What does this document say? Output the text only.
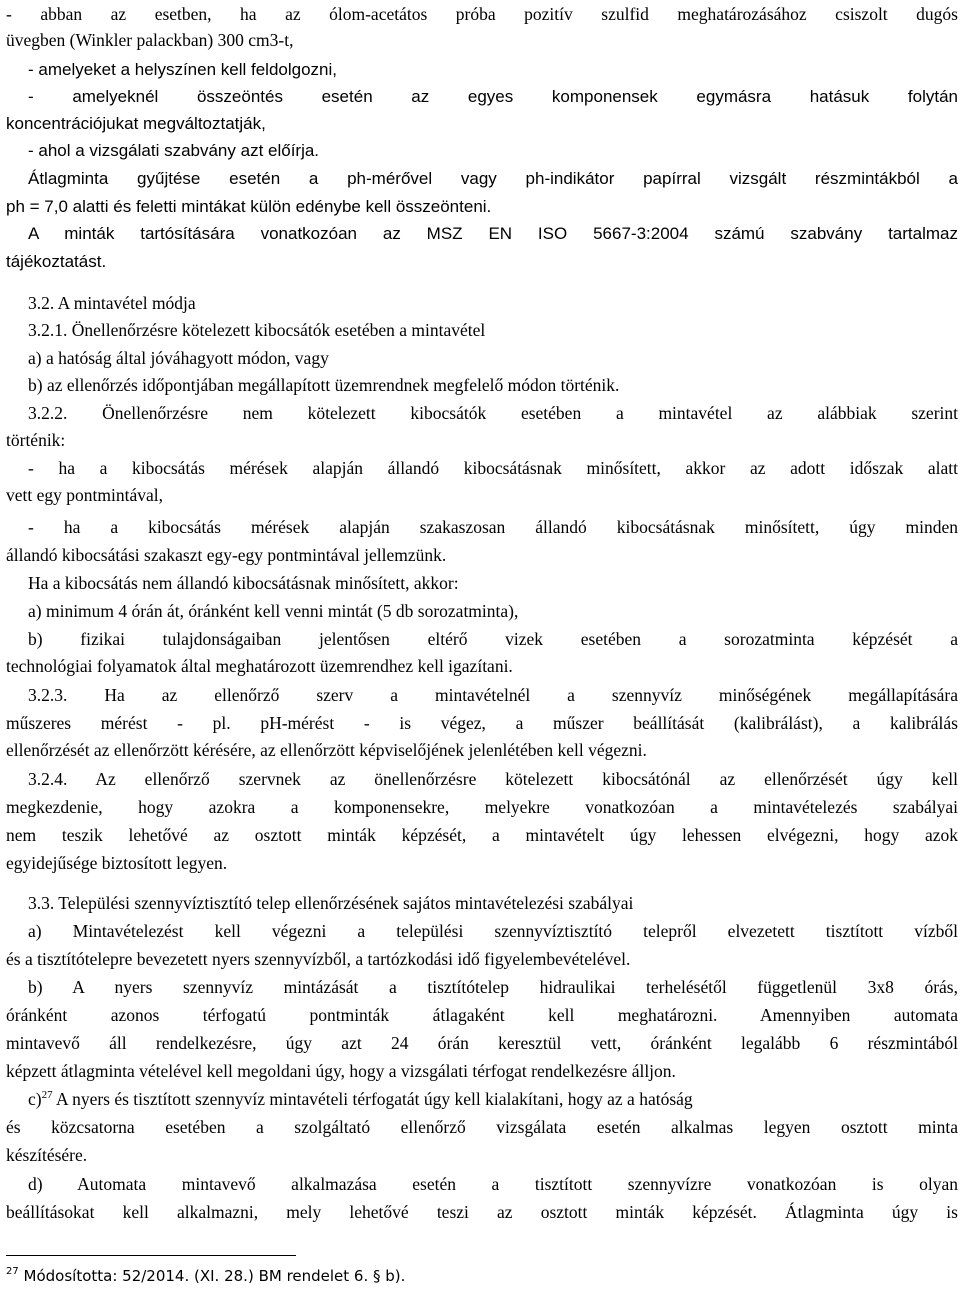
- abban az esetben, ha az ólom-acetátos próba pozitív szulfid meghatározásához csiszolt dugós
üvegben (Winkler palackban) 300 cm3-t,
- amelyeket a helyszínen kell feldolgozni,
- amelyeknél összeöntés esetén az egyes komponensek egymásra hatásuk folytán
koncentrációjukat megváltoztatják,
- ahol a vizsgálati szabvány azt előírja.
Átlagminta gyűjtése esetén a ph-mérővel vagy ph-indikátor papírral vizsgált részmintákból a
ph = 7,0 alatti és feletti mintákat külön edénybe kell összeönteni.
A minták tartósítására vonatkozóan az MSZ EN ISO 5667-3:2004 számú szabvány tartalmaz
tájékoztatást.
3.2. A mintavétel módja
3.2.1. Önellenőrzésre kötelezett kibocsátók esetében a mintavétel
a) a hatóság által jóváhagyott módon, vagy
b) az ellenőrzés időpontjában megállapított üzemrendnek megfelelő módon történik.
3.2.2. Önellenőrzésre nem kötelezett kibocsátók esetében a mintavétel az alábbiak szerint
történik:
- ha a kibocsátás mérések alapján állandó kibocsátásnak minősített, akkor az adott időszak alatt
vett egy pontmintával,
- ha a kibocsátás mérések alapján szakaszosan állandó kibocsátásnak minősített, úgy minden
állandó kibocsátási szakaszt egy-egy pontmintával jellemzünk.
Ha a kibocsátás nem állandó kibocsátásnak minősített, akkor:
a) minimum 4 órán át, óránként kell venni mintát (5 db sorozatminta),
b) fizikai tulajdonságaiban jelentősen eltérő vizek esetében a sorozatminta képzését a
technológiai folyamatok által meghatározott üzemrendhez kell igazítani.
3.2.3. Ha az ellenőrző szerv a mintavételnél a szennyvíz minőségének megállapítására
műszeres mérést - pl. pH-mérést - is végez, a műszer beállítását (kalibrálást), a kalibrálás
ellenőrzését az ellenőrzött kérésére, az ellenőrzött képviselőjének jelenlétében kell végezni.
3.2.4. Az ellenőrző szervnek az önellenőrzésre kötelezett kibocsátónál az ellenőrzését úgy kell
megkezdenie, hogy azokra a komponensekre, melyekre vonatkozóan a mintavételezés szabályai
nem teszik lehetővé az osztott minták képzését, a mintavételt úgy lehessen elvégezni, hogy azok
egyidejűsége biztosított legyen.
3.3. Települési szennyvíztisztító telep ellenőrzésének sajátos mintavételezési szabályai
a) Mintavételezést kell végezni a települési szennyvíztisztító telepről elvezetett tisztított vízből
és a tisztítótelepre bevezetett nyers szennyvízből, a tartózkodási idő figyelembevételével.
b) A nyers szennyvíz mintázását a tisztítótelep hidraulikai terhelésétől függetlenül 3x8 órás,
óránként azonos térfogatú pontminták átlagaként kell meghatározni. Amennyiben automata
mintavevő áll rendelkezésre, úgy azt 24 órán keresztül vett, óránként legalább 6 részmintából
képzett átlagminta vételével kell megoldani úgy, hogy a vizsgálati térfogat rendelkezésre álljon.
c)$^{27}$ A nyers és tisztított szennyvíz mintavételi térfogatát úgy kell kialakítani, hogy az a hatóság
és közcsatorna esetében a szolgáltató ellenőrző vizsgálata esetén alkalmas legyen osztott minta
készítésére.
d) Automata mintavevő alkalmazása esetén a tisztított szennyvízre vonatkozóan is olyan
beállításokat kell alkalmazni, mely lehetővé teszi az osztott minták képzését. Átlagminta úgy is
$^{27}$ Módosította: 52/2014. (XI. 28.) BM rendelet 6. § b).
